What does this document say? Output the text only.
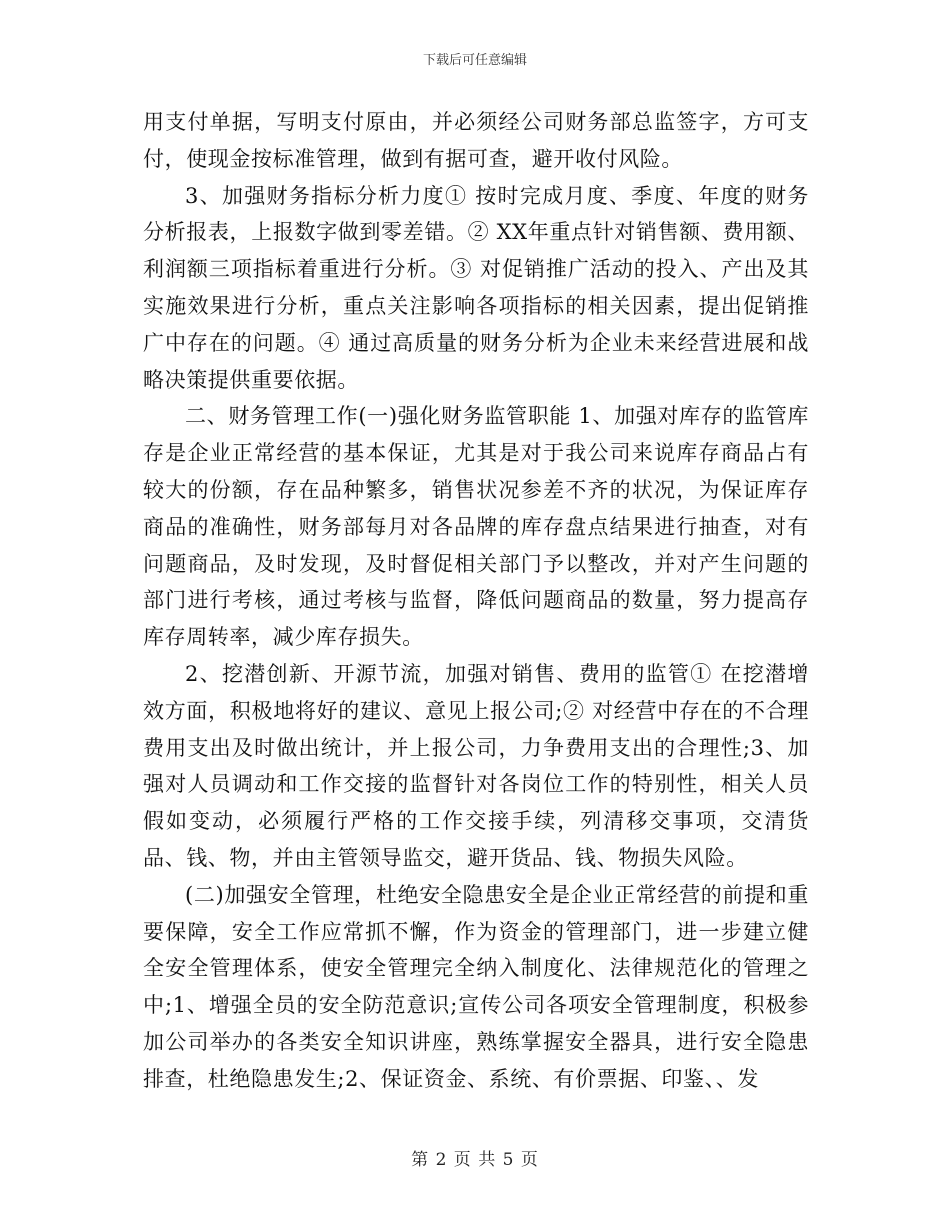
下载后可任意编辑

用支付单据，写明支付原由，并必须经公司财务部总监签字，方可支付，使现金按标准管理，做到有据可查，避开收付风险。

3、加强财务指标分析力度① 按时完成月度、季度、年度的财务分析报表，上报数字做到零差错。② XX年重点针对销售额、费用额、利润额三项指标着重进行分析。③ 对促销推广活动的投入、产出及其实施效果进行分析，重点关注影响各项指标的相关因素，提出促销推广中存在的问题。④ 通过高质量的财务分析为企业未来经营进展和战略决策提供重要依据。

二、财务管理工作(一)强化财务监管职能 1、加强对库存的监管库存是企业正常经营的基本保证，尤其是对于我公司来说库存商品占有较大的份额，存在品种繁多，销售状况参差不齐的状况，为保证库存商品的准确性，财务部每月对各品牌的库存盘点结果进行抽查，对有问题商品，及时发现，及时督促相关部门予以整改，并对产生问题的部门进行考核，通过考核与监督，降低问题商品的数量，努力提高存库存周转率，减少库存损失。

2、挖潜创新、开源节流，加强对销售、费用的监管① 在挖潜增效方面，积极地将好的建议、意见上报公司;② 对经营中存在的不合理费用支出及时做出统计，并上报公司，力争费用支出的合理性;3、加强对人员调动和工作交接的监督针对各岗位工作的特别性，相关人员假如变动，必须履行严格的工作交接手续，列清移交事项，交清货品、钱、物，并由主管领导监交，避开货品、钱、物损失风险。

(二)加强安全管理，杜绝安全隐患安全是企业正常经营的前提和重要保障，安全工作应常抓不懈，作为资金的管理部门，进一步建立健全安全管理体系，使安全管理完全纳入制度化、法律规范化的管理之中;1、增强全员的安全防范意识;宣传公司各项安全管理制度，积极参加公司举办的各类安全知识讲座，熟练掌握安全器具，进行安全隐患排查，杜绝隐患发生;2、保证资金、系统、有价票据、印鉴、、发

第 2 页 共 5 页
